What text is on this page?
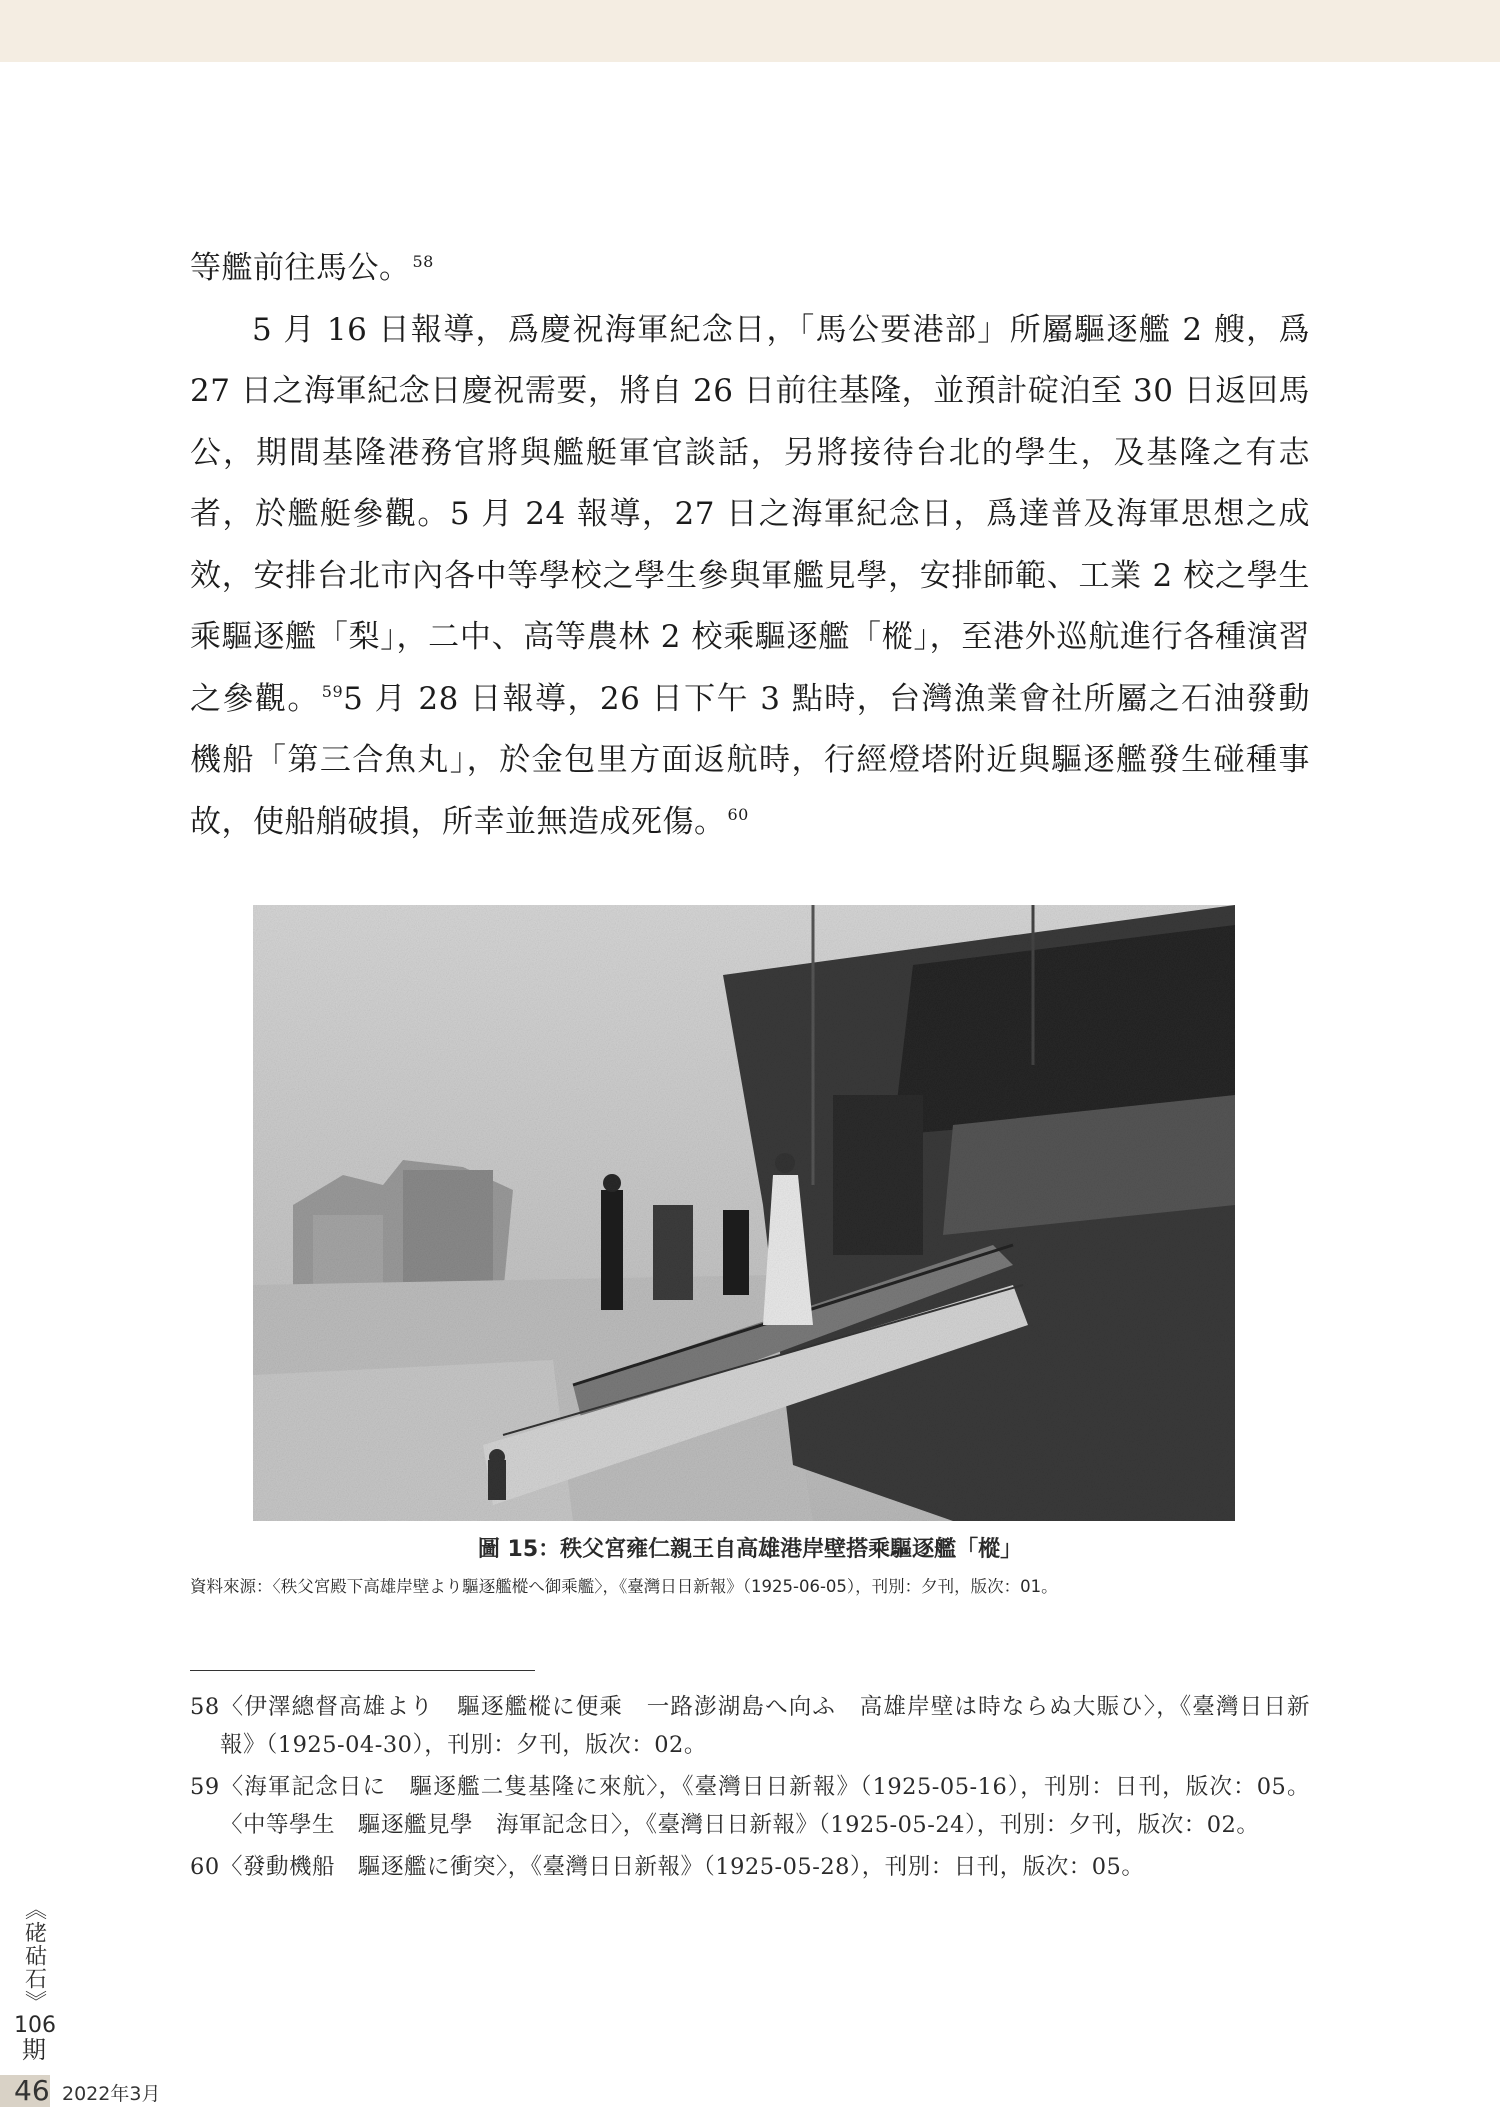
等艦前往馬公。 $^{58}$

5 月 16 日報導，爲慶祝海軍紀念日，「馬公要港部」所屬驅逐艦 2 艘，爲 27 日之海軍紀念日慶祝需要，將自 26 日前往基隆，並預計碇泊至 30 日返回馬公，期間基隆港務官將與艦艇軍官談話，另將接待台北的學生，及基隆之有志者，於艦艇參觀。5 月 24 報導，27 日之海軍紀念日，爲達普及海軍思想之成效，安排台北市內各中等學校之學生參與軍艦見學，安排師範、工業 2 校之學生乘驅逐艦「梨」，二中、高等農林 2 校乘驅逐艦「樅」，至港外巡航進行各種演習之參觀。 $^{59}$5 月 28 日報導，26 日下午 3 點時，台灣漁業會社所屬之石油發動機船「第三合魚丸」，於金包里方面返航時，行經燈塔附近與驅逐艦發生碰種事故，使船艄破損，所幸並無造成死傷。 $^{60}$

圖 15：秩父宮雍仁親王自高雄港岸壁搭乘驅逐艦「樅」
資料來源：〈秩父宮殿下高雄岸壁より驅逐艦樅へ御乘艦〉，《臺灣日日新報》（1925-06-05），刊別：夕刊，版次：01。

58〈伊澤總督高雄より　驅逐艦樅に便乘　一路澎湖島へ向ふ　高雄岸壁は時ならぬ大賑ひ〉，《臺灣日日新報》（1925-04-30），刊別：夕刊，版次：02。

59〈海軍記念日に　驅逐艦二隻基隆に來航〉，《臺灣日日新報》（1925-05-16），刊別：日刊，版次：05。〈中等學生　驅逐艦見學　海軍記念日〉，《臺灣日日新報》（1925-05-24），刊別：夕刊，版次：02。

60〈發動機船　驅逐艦に衝突〉，《臺灣日日新報》（1925-05-28），刊別：日刊，版次：05。

《硓𥑮石》
106
期
46 2022年3月
